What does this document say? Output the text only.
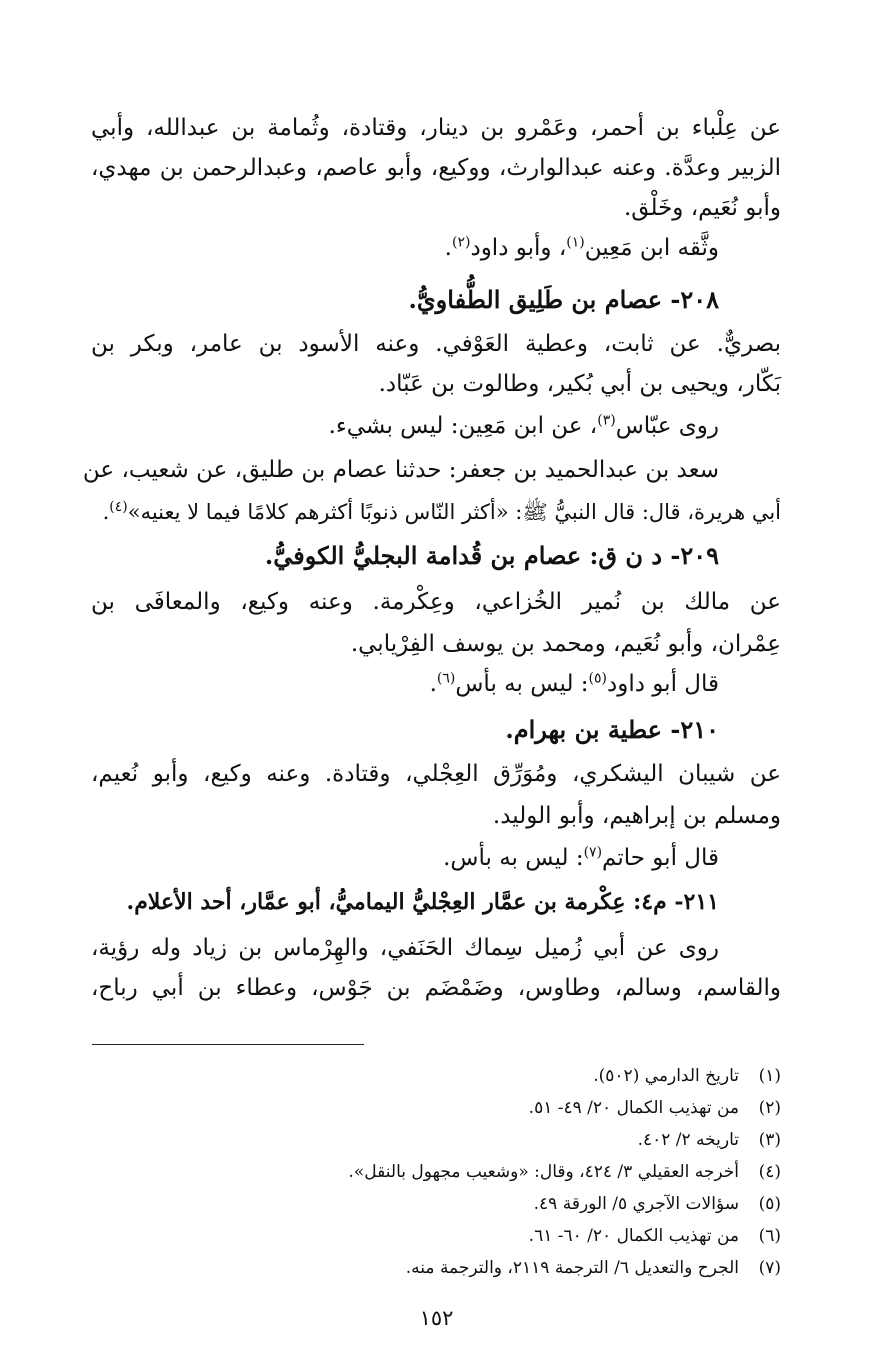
عن عِلْباء بن أحمر، وعَمْرو بن دينار، وقتادة، وثُمامة بن عبدالله، وأبي
الزبير وعدَّة. وعنه عبدالوارث، ووكيع، وأبو عاصم، وعبدالرحمن بن مهدي،
وأبو نُعَيم، وخَلْق.
وثَّقه ابن مَعِين$^{(١)}$، وأبو داود$^{(٢)}$.
٢٠٨- عصام بن طَلِيق الطُّفاويُّ.
بصريٌّ. عن ثابت، وعطية العَوْفي. وعنه الأسود بن عامر، وبكر بن
بَكّار، ويحيى بن أبي بُكير، وطالوت بن عَبّاد.
روى عبّاس$^{(٣)}$، عن ابن مَعِين: ليس بشيء.
سعد بن عبدالحميد بن جعفر: حدثنا عصام بن طليق، عن شعيب، عن
أبي هريرة، قال: قال النبيُّ ﷺ: «أكثر النّاس ذنوبًا أكثرهم كلامًا فيما لا يعنيه»$^{(٤)}$.
٢٠٩- د ن ق: عصام بن قُدامة البجليُّ الكوفيُّ.
عن مالك بن نُمير الخُزاعي، وعِكْرمة. وعنه وكيع، والمعافَى بن
عِمْران، وأبو نُعَيم، ومحمد بن يوسف الفِرْيابي.
قال أبو داود$^{(٥)}$: ليس به بأس$^{(٦)}$.
٢١٠- عطية بن بهرام.
عن شيبان اليشكري، ومُوَرِّق العِجْلي، وقتادة. وعنه وكيع، وأبو نُعيم،
ومسلم بن إبراهيم، وأبو الوليد.
قال أبو حاتم$^{(٧)}$: ليس به بأس.
٢١١- م٤: عِكْرمة بن عمَّار العِجْليُّ اليماميُّ، أبو عمَّار، أحد الأعلام.
روى عن أبي زُميل سِماك الحَنَفي، والهِرْماس بن زياد وله رؤية،
والقاسم، وسالم، وطاوس، وضَمْضَم بن جَوْس، وعطاء بن أبي رباح،
(١)تاريخ الدارمي (٥٠٢).
(٢)من تهذيب الكمال ٢٠/ ٤٩- ٥١.
(٣)تاريخه ٢/ ٤٠٢.
(٤)أخرجه العقيلي ٣/ ٤٢٤، وقال: «وشعيب مجهول بالنقل».
(٥)سؤالات الآجري ٥/ الورقة ٤٩.
(٦)من تهذيب الكمال ٢٠/ ٦٠- ٦١.
(٧)الجرح والتعديل ٦/ الترجمة ٢١١٩، والترجمة منه.
١٥٢
